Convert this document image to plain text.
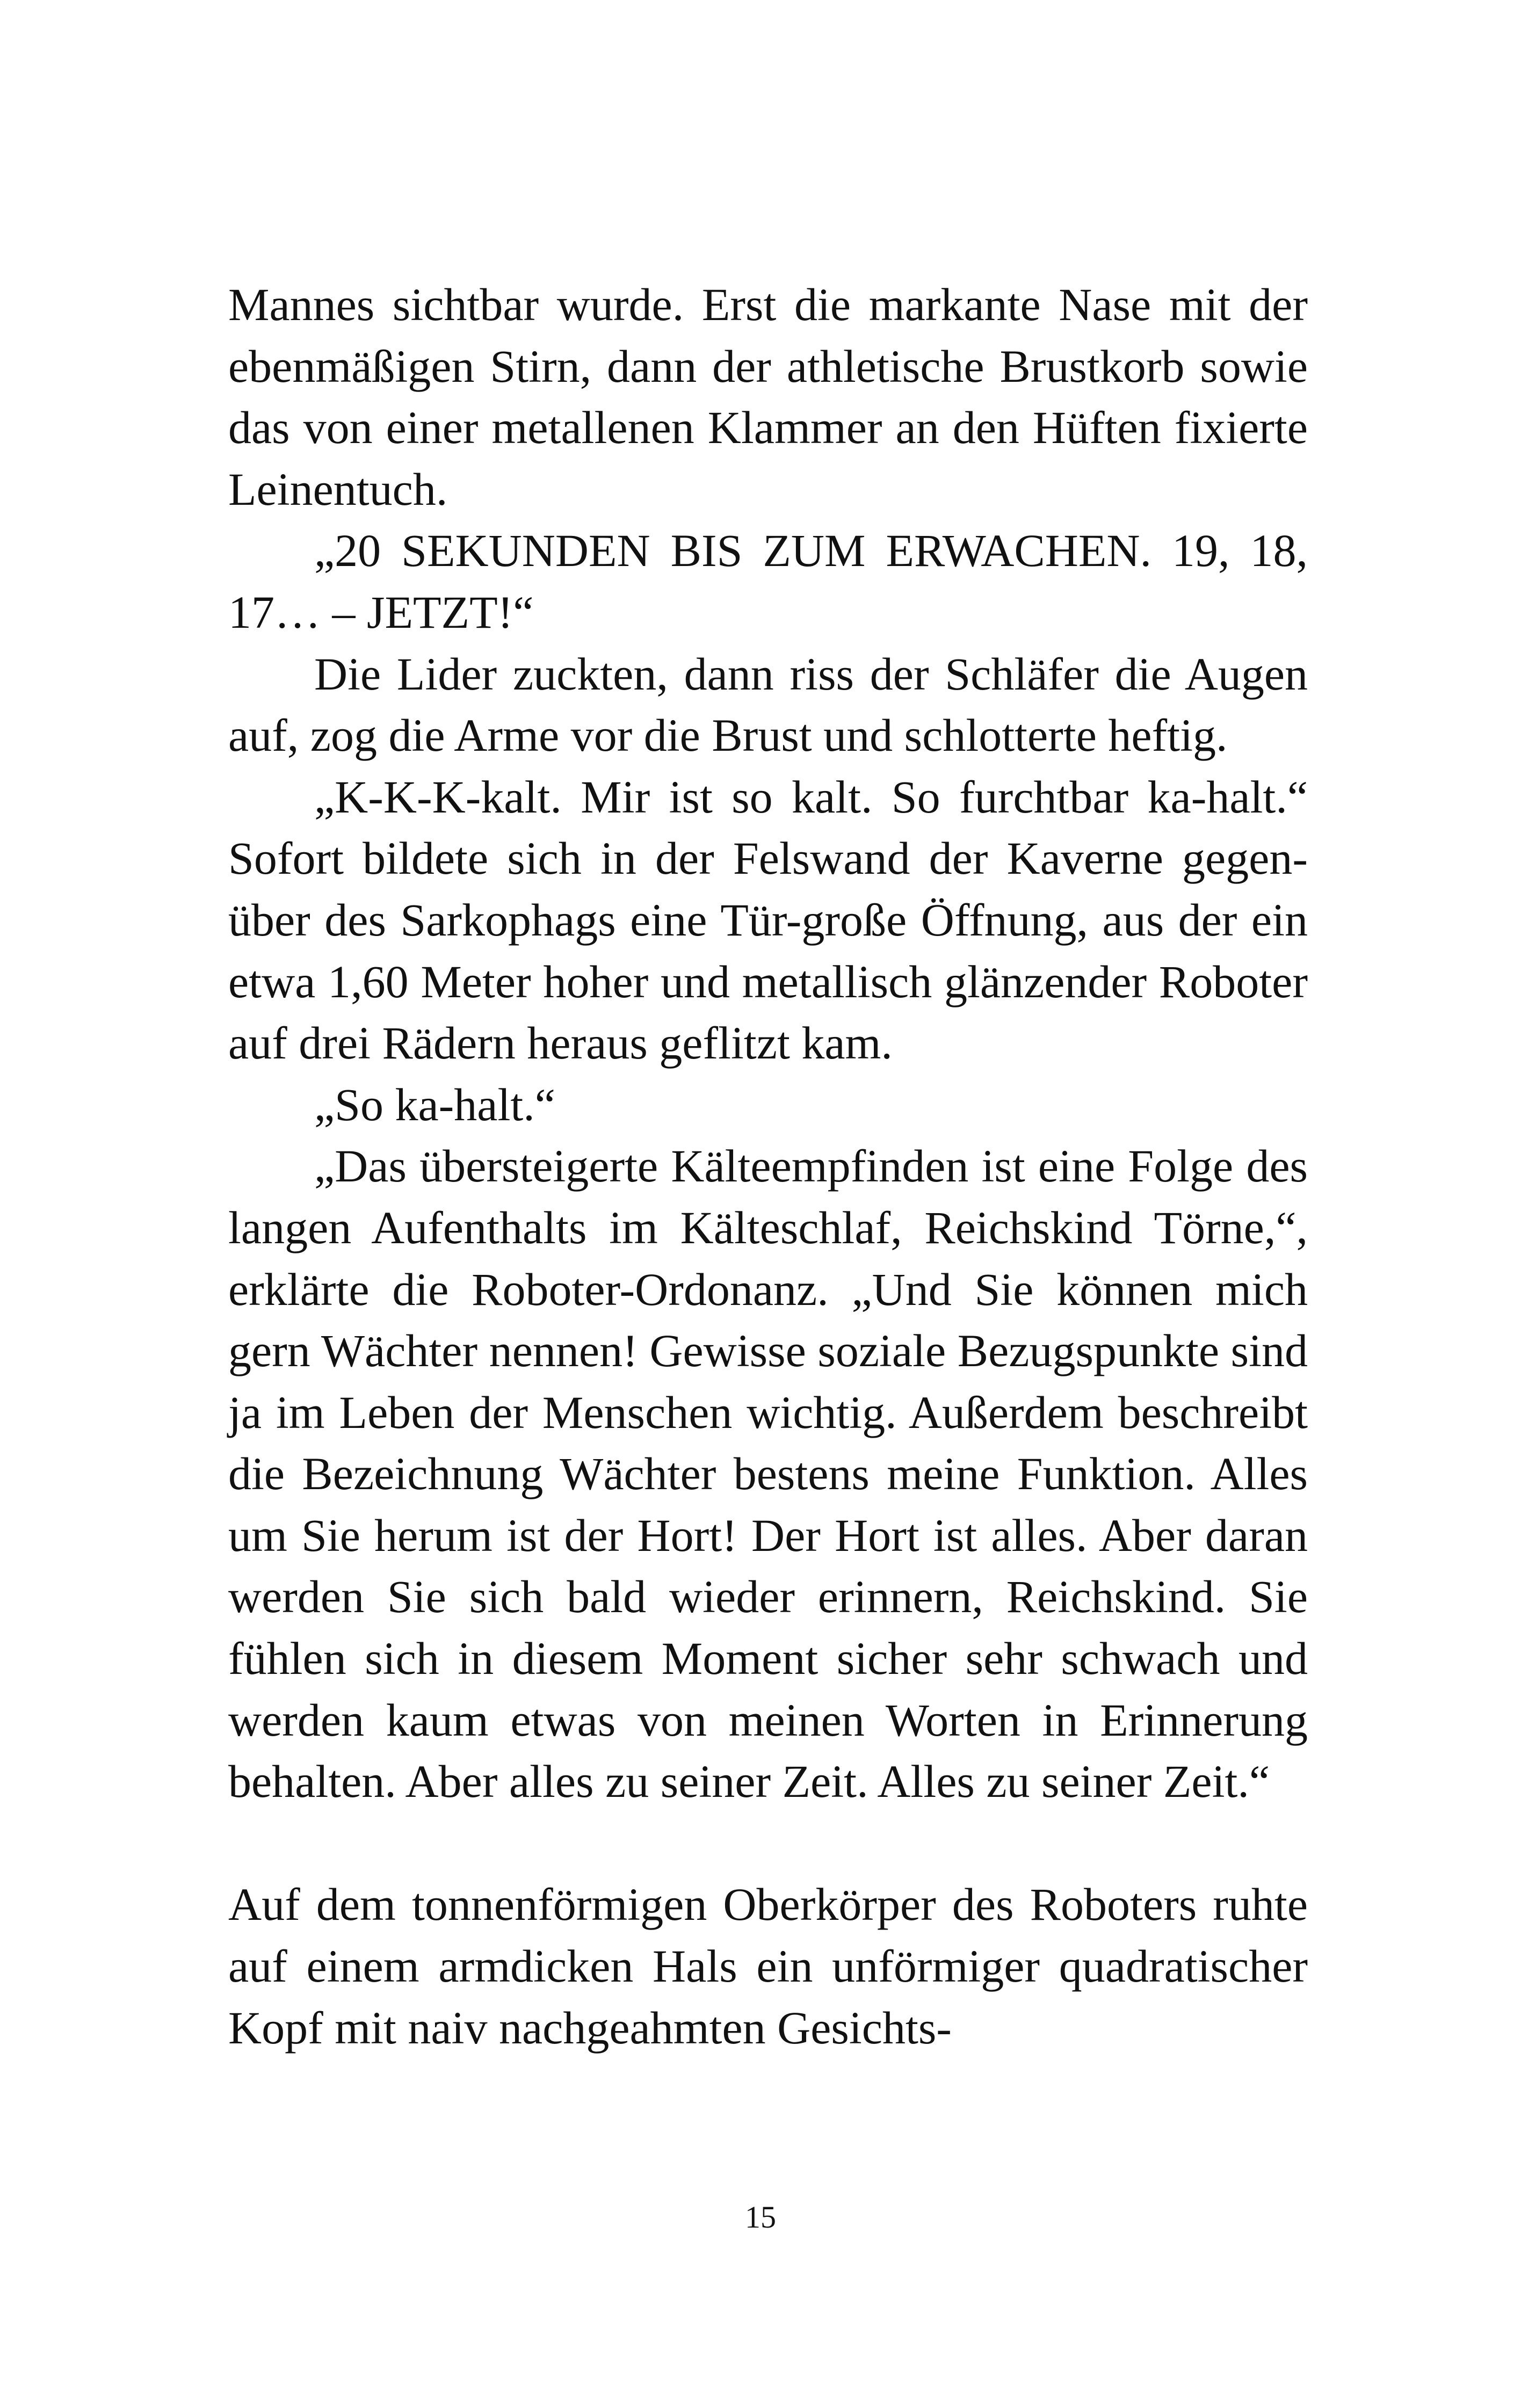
Mannes sichtbar wurde. Erst die markante Nase mit der ebenmäßigen Stirn, dann der athletische Brustkorb sowie das von einer metallenen Klammer an den Hüften fixierte Leinentuch.

„20 SEKUNDEN BIS ZUM ERWACHEN. 19, 18, 17… – JETZT!“

Die Lider zuckten, dann riss der Schläfer die Augen auf, zog die Arme vor die Brust und schlotterte heftig.

„K-K-K-kalt. Mir ist so kalt. So furchtbar ka-halt.“ Sofort bildete sich in der Felswand der Kaverne gegenüber des Sarkophags eine Tür-große Öffnung, aus der ein etwa 1,60 Meter hoher und metallisch glänzender Roboter auf drei Rädern heraus geflitzt kam.

„So ka-halt.“

„Das übersteigerte Kälteempfinden ist eine Folge des langen Aufenthalts im Kälteschlaf, Reichskind Törne,“, erklärte die Roboter-Ordonanz. „Und Sie können mich gern Wächter nennen! Gewisse soziale Bezugspunkte sind ja im Leben der Menschen wichtig. Außerdem beschreibt die Bezeichnung Wächter bestens meine Funktion. Alles um Sie herum ist der Hort! Der Hort ist alles. Aber daran werden Sie sich bald wieder erinnern, Reichskind. Sie fühlen sich in diesem Moment sicher sehr schwach und werden kaum etwas von meinen Worten in Erinnerung behalten. Aber alles zu seiner Zeit. Alles zu seiner Zeit.“

Auf dem tonnenförmigen Oberkörper des Roboters ruhte auf einem armdicken Hals ein unförmiger quadratischer Kopf mit naiv nachgeahmten Gesichts-

15
